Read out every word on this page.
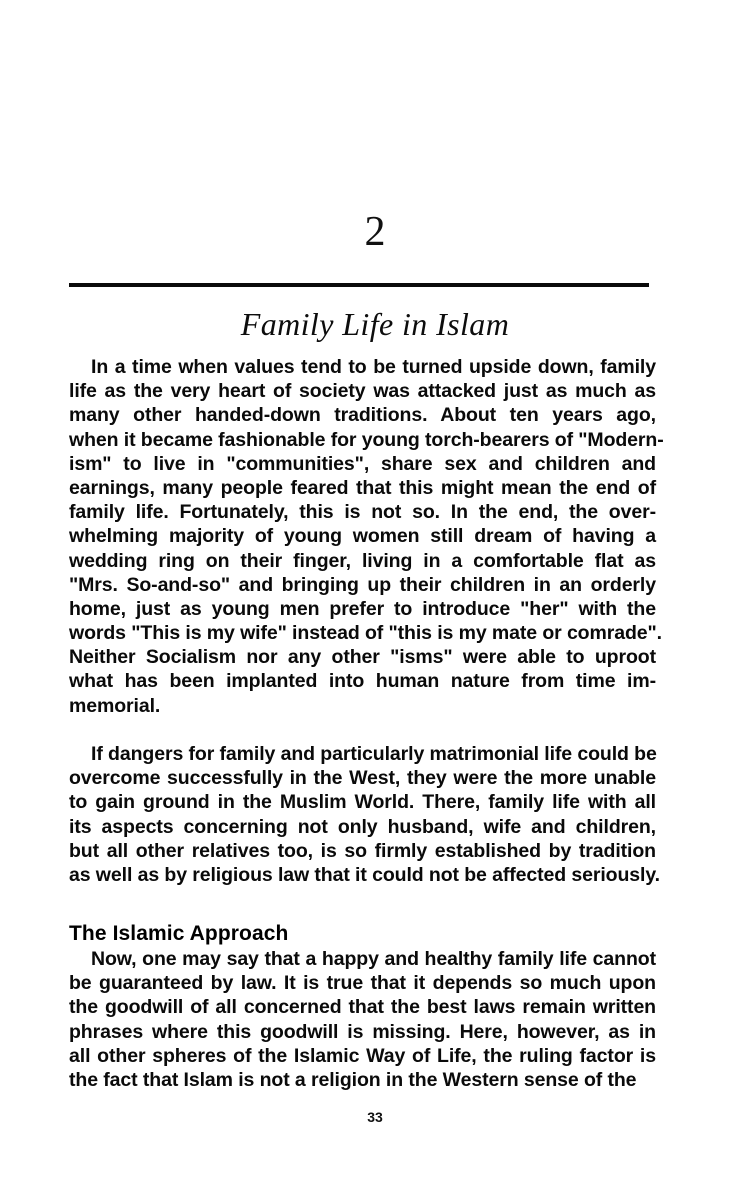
2
Family Life in Islam
In a time when values tend to be turned upside down, family
life as the very heart of society was attacked just as much as
many other handed-down traditions. About ten years ago,
when it became fashionable for young torch-bearers of "Modern-
ism" to live in "communities", share sex and children and
earnings, many people feared that this might mean the end of
family life. Fortunately, this is not so. In the end, the over-
whelming majority of young women still dream of having a
wedding ring on their finger, living in a comfortable flat as
"Mrs. So-and-so" and bringing up their children in an orderly
home, just as young men prefer to introduce "her" with the
words "This is my wife" instead of "this is my mate or comrade".
Neither Socialism nor any other "isms" were able to uproot
what has been implanted into human nature from time im-
memorial.
If dangers for family and particularly matrimonial life could be
overcome successfully in the West, they were the more unable
to gain ground in the Muslim World. There, family life with all
its aspects concerning not only husband, wife and children,
but all other relatives too, is so firmly established by tradition
as well as by religious law that it could not be affected seriously.
The Islamic Approach
Now, one may say that a happy and healthy family life cannot
be guaranteed by law. It is true that it depends so much upon
the goodwill of all concerned that the best laws remain written
phrases where this goodwill is missing. Here, however, as in
all other spheres of the Islamic Way of Life, the ruling factor is
the fact that Islam is not a religion in the Western sense of the
33
